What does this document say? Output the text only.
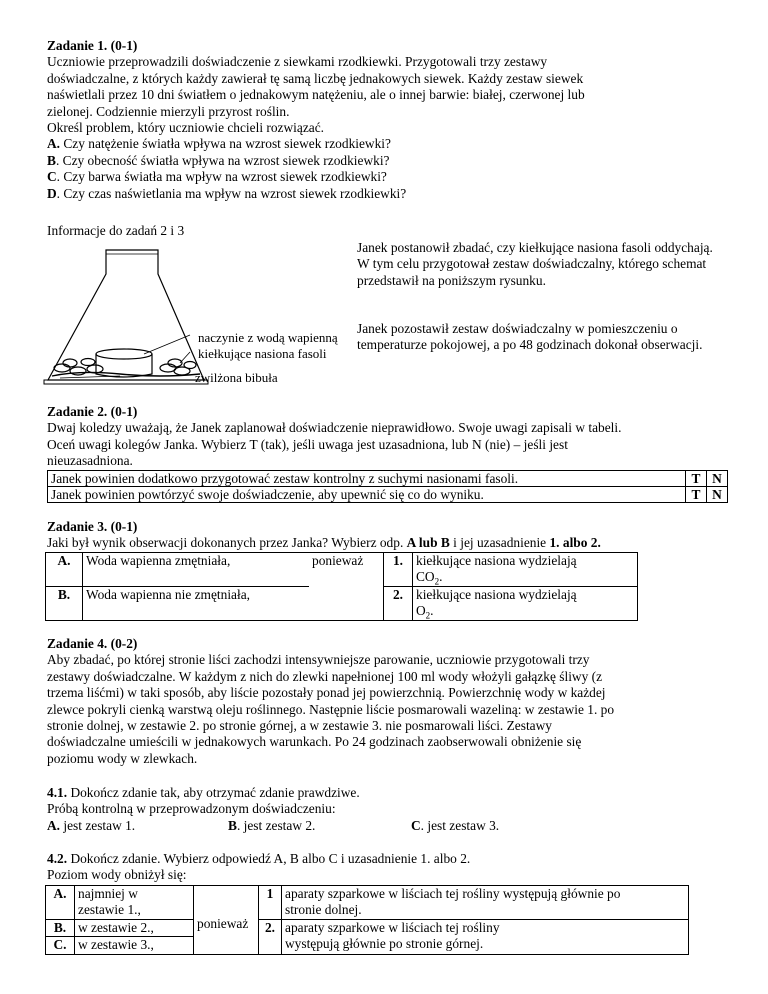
Zadanie 1. (0-1)

Uczniowie przeprowadzili doświadczenie z siewkami rzodkiewki. Przygotowali trzy zestawy

doświadczalne, z których każdy zawierał tę samą liczbę jednakowych siewek. Każdy zestaw siewek

naświetlali przez 10 dni światłem o jednakowym natężeniu, ale o innej barwie: białej, czerwonej lub

zielonej. Codziennie mierzyli przyrost roślin.

Określ problem, który uczniowie chcieli rozwiązać.

A. Czy natężenie światła wpływa na wzrost siewek rzodkiewki?

B. Czy obecność światła wpływa na wzrost siewek rzodkiewki?

C. Czy barwa światła ma wpływ na wzrost siewek rzodkiewki?

D. Czy czas naświetlania ma wpływ na wzrost siewek rzodkiewki?

Informacje do zadań 2 i 3

naczynie z wodą wapienną
kiełkujące nasiona fasoli
zwilżona bibuła

Janek postanowił zbadać, czy kiełkujące nasiona fasoli oddychają. W tym celu przygotował zestaw doświadczalny, którego schemat przedstawił na poniższym rysunku.

Janek pozostawił zestaw doświadczalny w pomieszczeniu o temperaturze pokojowej, a po 48 godzinach dokonał obserwacji.

Zadanie 2. (0-1)

Dwaj koledzy uważają, że Janek zaplanował doświadczenie nieprawidłowo. Swoje uwagi zapisali w tabeli.

Oceń uwagi kolegów Janka. Wybierz T (tak), jeśli uwaga jest uzasadniona, lub N (nie) – jeśli jest

nieuzasadniona.

Janek powinien dodatkowo przygotować zestaw kontrolny z suchymi nasionami fasoli.	T	N
Janek powinien powtórzyć swoje doświadczenie, aby upewnić się co do wyniku.	T	N

Zadanie 3. (0-1)

Jaki był wynik obserwacji dokonanych przez Janka? Wybierz odp. A lub B i jej uzasadnienie 1. albo 2.

A.	Woda wapienna zmętniała,	ponieważ	1.	kiełkujące nasiona wydzielają
$CO_2$.
B.	Woda wapienna nie zmętniała,		2.	kiełkujące nasiona wydzielają
$O_2$.

Zadanie 4. (0-2)

Aby zbadać, po której stronie liści zachodzi intensywniejsze parowanie, uczniowie przygotowali trzy

zestawy doświadczalne. W każdym z nich do zlewki napełnionej 100 ml wody włożyli gałązkę śliwy (z

trzema liśćmi) w taki sposób, aby liście pozostały ponad jej powierzchnią. Powierzchnię wody w każdej

zlewce pokryli cienką warstwą oleju roślinnego. Następnie liście posmarowali wazeliną: w zestawie 1. po

stronie dolnej, w zestawie 2. po stronie górnej, a w zestawie 3. nie posmarowali liści. Zestawy

doświadczalne umieścili w jednakowych warunkach. Po 24 godzinach zaobserwowali obniżenie się

poziomu wody w zlewkach.

4.1. Dokończ zdanie tak, aby otrzymać zdanie prawdziwe.

Próbą kontrolną w przeprowadzonym doświadczeniu:

A. jest zestaw 1.	B. jest zestaw 2.	C. jest zestaw 3.

4.2. Dokończ zdanie. Wybierz odpowiedź A, B albo C i uzasadnienie 1. albo 2.

Poziom wody obniżył się:

A.	najmniej w
zestawie 1.,	ponieważ	1	aparaty szparkowe w liściach tej rośliny występują głównie po
stronie dolnej.
B.	w zestawie 2.,		2.	aparaty szparkowe w liściach tej rośliny
występują głównie po stronie górnej.
C.	w zestawie 3.,			
